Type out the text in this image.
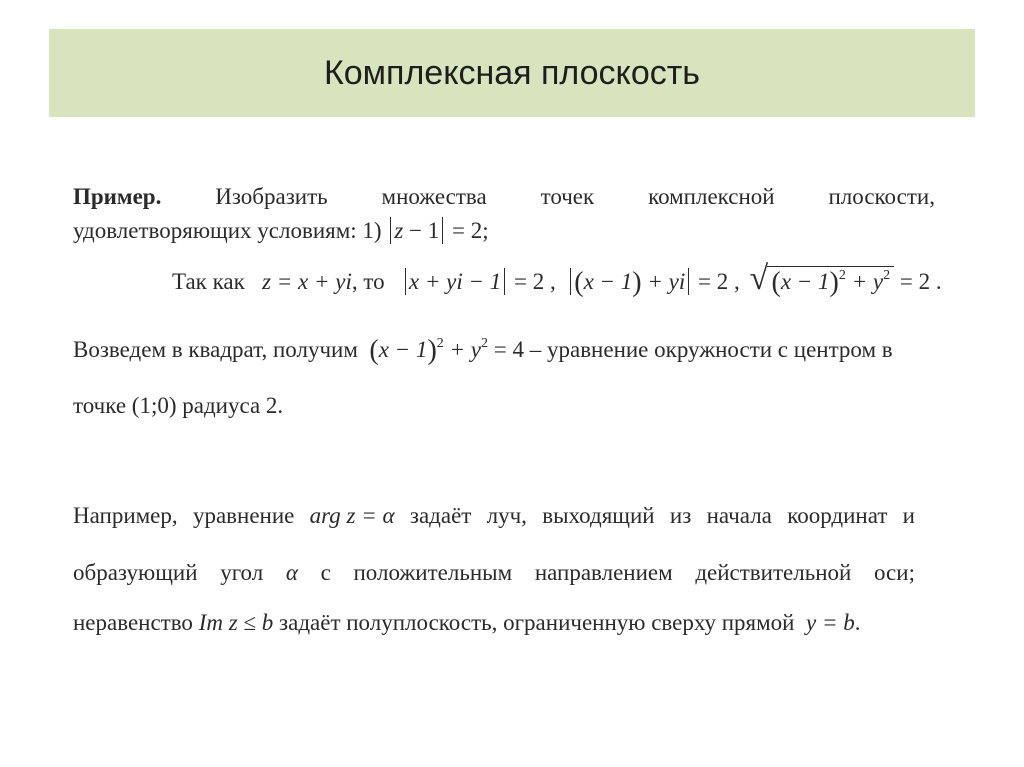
Комплексная плоскость
Пример. Изобразить множества точек комплексной плоскости,
удовлетворяющих условиям: 1) z − 1 = 2;
Так как z = x + yi, то x + yi − 1 = 2 , (x − 1) + yi = 2 , √ $(x - 1)^2 + y^2 = 2$ .
Возведем в квадрат, получим $(x - 1)^2 + y^2 = 4$ – уравнение окружности с центром в
точке (1;0) радиуса 2.
Например, уравнение arg z = α задаёт луч, выходящий из начала координат и
образующий угол α с положительным направлением действительной оси;
неравенство Im z ≤ b задаёт полуплоскость, ограниченную сверху прямой y = b.
